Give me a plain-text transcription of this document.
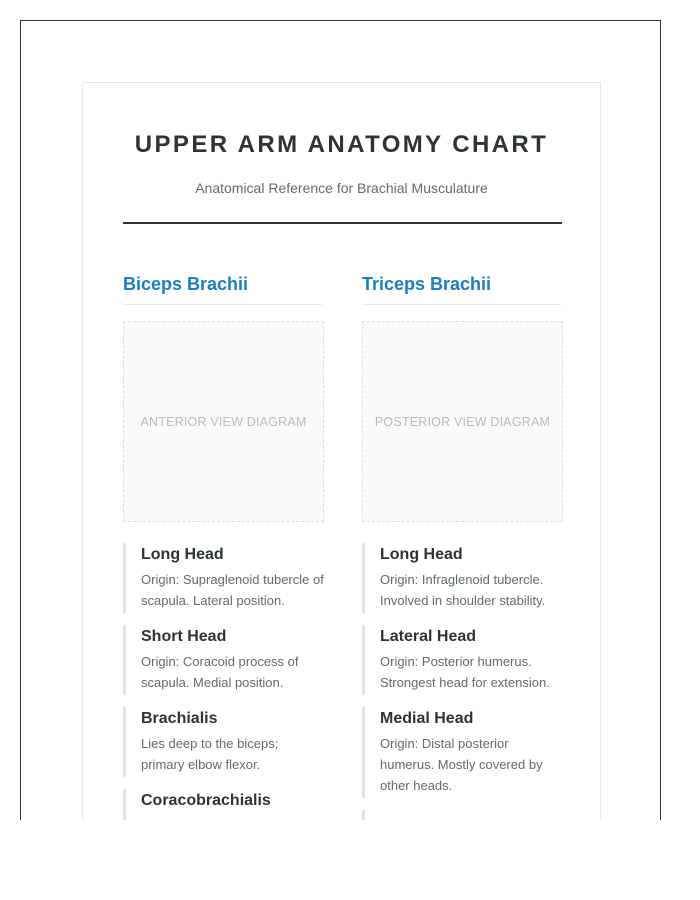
UPPER ARM ANATOMY CHART

Anatomical Reference for Brachial Musculature

Biceps Brachii
ANTERIOR VIEW DIAGRAM

Long Head

Origin: Supraglenoid tubercle of scapula. Lateral position.

Short Head

Origin: Coracoid process of scapula. Medial position.

Brachialis

Lies deep to the biceps; primary elbow flexor.

Coracobrachialis

Triceps Brachii
POSTERIOR VIEW DIAGRAM

Long Head

Origin: Infraglenoid tubercle. Involved in shoulder stability.

Lateral Head

Origin: Posterior humerus. Strongest head for extension.

Medial Head

Origin: Distal posterior humerus. Mostly covered by other heads.
